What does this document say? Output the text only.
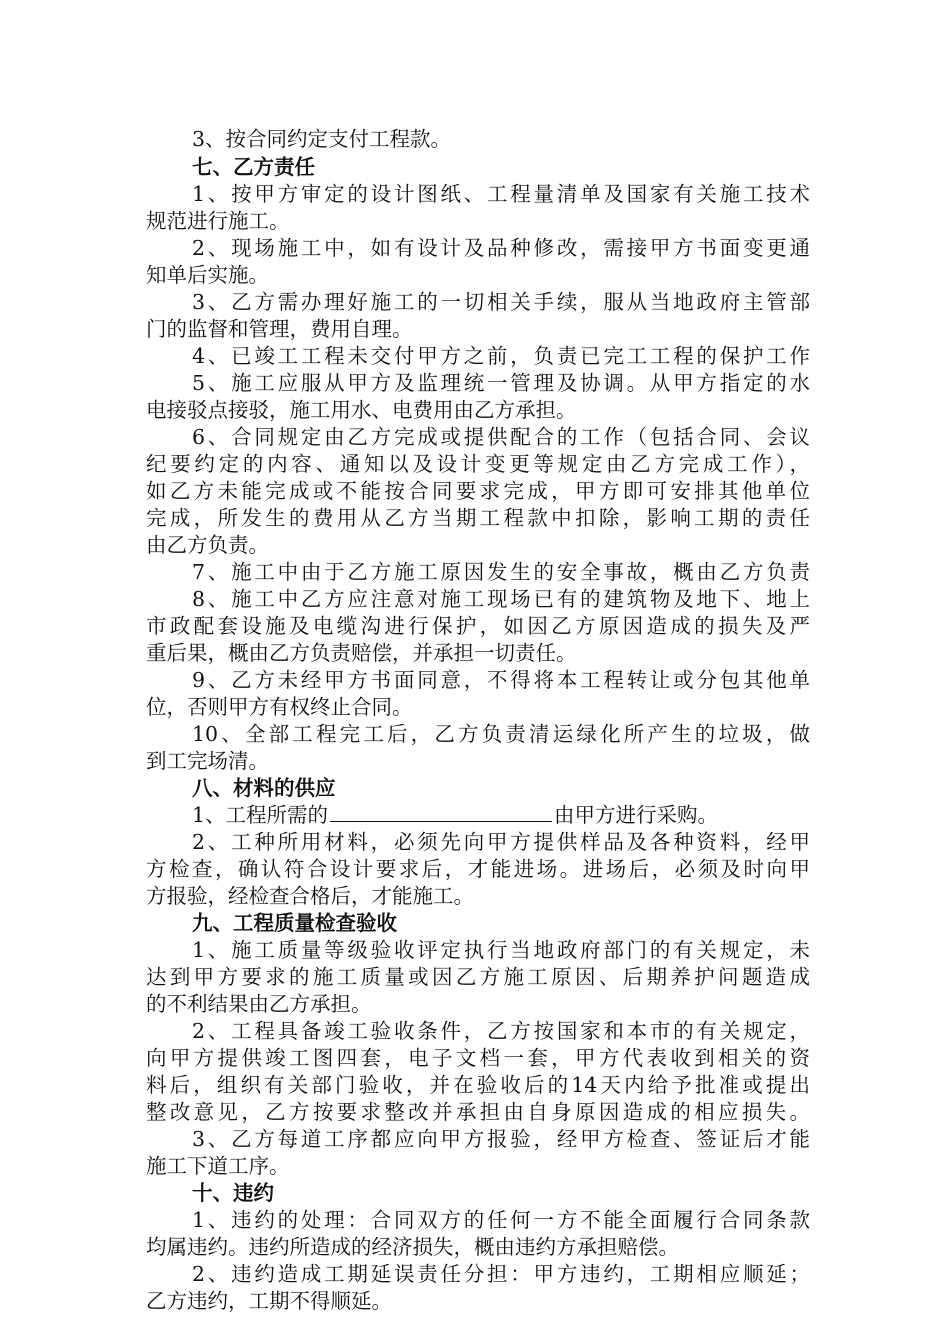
3、按合同约定支付工程款。
七、乙方责任
1、按甲方审定的设计图纸、工程量清单及国家有关施工技术
规范进行施工。
2、现场施工中，如有设计及品种修改，需接甲方书面变更通
知单后实施。
3、乙方需办理好施工的一切相关手续，服从当地政府主管部
门的监督和管理，费用自理。
4、已竣工工程未交付甲方之前，负责已完工工程的保护工作
5、施工应服从甲方及监理统一管理及协调。从甲方指定的水
电接驳点接驳，施工用水、电费用由乙方承担。
6、合同规定由乙方完成或提供配合的工作（包括合同、会议
纪要约定的内容、通知以及设计变更等规定由乙方完成工作），
如乙方未能完成或不能按合同要求完成，甲方即可安排其他单位
完成，所发生的费用从乙方当期工程款中扣除，影响工期的责任
由乙方负责。
7、施工中由于乙方施工原因发生的安全事故，概由乙方负责
8、施工中乙方应注意对施工现场已有的建筑物及地下、地上
市政配套设施及电缆沟进行保护，如因乙方原因造成的损失及严
重后果，概由乙方负责赔偿，并承担一切责任。
9、乙方未经甲方书面同意，不得将本工程转让或分包其他单
位，否则甲方有权终止合同。
10、全部工程完工后，乙方负责清运绿化所产生的垃圾，做
到工完场清。
八、材料的供应
1、工程所需的	由甲方进行采购。
2、工种所用材料，必须先向甲方提供样品及各种资料，经甲
方检查，确认符合设计要求后，才能进场。进场后，必须及时向甲
方报验，经检查合格后，才能施工。
九、工程质量检查验收
1、施工质量等级验收评定执行当地政府部门的有关规定，未
达到甲方要求的施工质量或因乙方施工原因、后期养护问题造成
的不利结果由乙方承担。
2、工程具备竣工验收条件，乙方按国家和本市的有关规定，
向甲方提供竣工图四套，电子文档一套，甲方代表收到相关的资
料后，组织有关部门验收，并在验收后的14天内给予批准或提出
整改意见，乙方按要求整改并承担由自身原因造成的相应损失。
3、乙方每道工序都应向甲方报验，经甲方检查、签证后才能
施工下道工序。
十、违约
1、违约的处理：合同双方的任何一方不能全面履行合同条款
均属违约。违约所造成的经济损失，概由违约方承担赔偿。
2、违约造成工期延误责任分担：甲方违约，工期相应顺延；
乙方违约，工期不得顺延。
